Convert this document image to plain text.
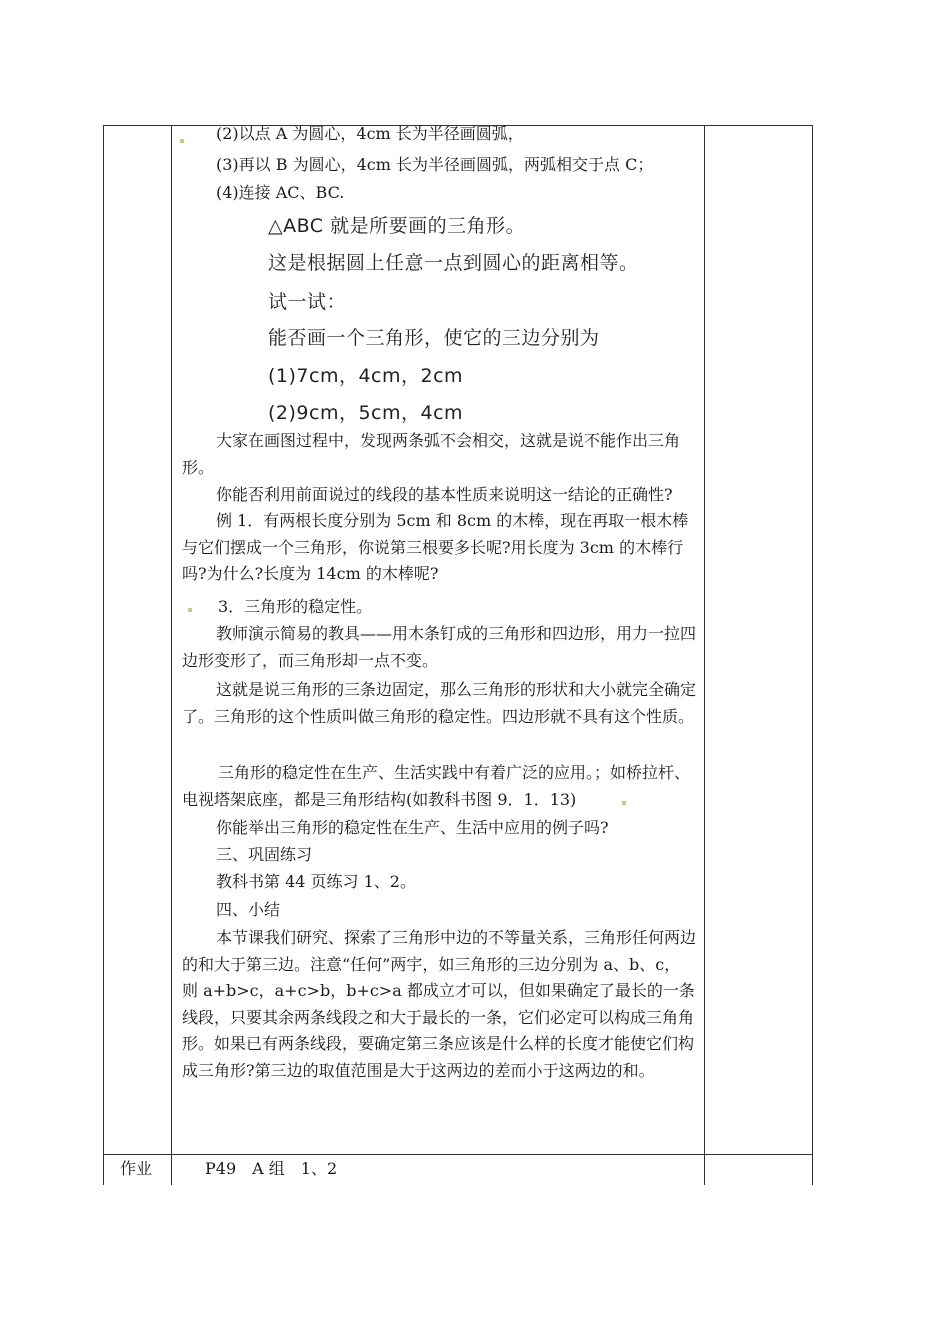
(2)以点 A 为圆心，4cm 长为半径画圆弧，
(3)再以 B 为圆心，4cm 长为半径画圆弧，两弧相交于点 C；
(4)连接 AC、BC.
△ABC 就是所要画的三角形。
这是根据圆上任意一点到圆心的距离相等。
试一试：
能否画一个三角形，使它的三边分别为
(1)7cm，4cm，2cm
(2)9cm，5cm，4cm
大家在画图过程中，发现两条弧不会相交，这就是说不能作出三角形。
你能否利用前面说过的线段的基本性质来说明这一结论的正确性?
例 1．有两根长度分别为 5cm 和 8cm 的木棒，现在再取一根木棒与它们摆成一个三角形，你说第三根要多长呢?用长度为 3cm 的木棒行吗?为什么?长度为 14cm 的木棒呢?
3．三角形的稳定性。
教师演示简易的教具——用木条钉成的三角形和四边形，用力一拉四边形变形了，而三角形却一点不变。
这就是说三角形的三条边固定，那么三角形的形状和大小就完全确定了。三角形的这个性质叫做三角形的稳定性。四边形就不具有这个性质。
三角形的稳定性在生产、生活实践中有着广泛的应用。；如桥拉杆、电视塔架底座，都是三角形结构(如教科书图 9．1．13)
你能举出三角形的稳定性在生产、生活中应用的例子吗?
三、巩固练习
教科书第 44 页练习 1、2。
四、小结
本节课我们研究、探索了三角形中边的不等量关系，三角形任何两边的和大于第三边。注意“任何”两宇，如三角形的三边分别为 a、b、c，则 a+b>c，a+c>b，b+c>a 都成立才可以，但如果确定了最长的一条线段，只要其余两条线段之和大于最长的一条，它们必定可以构成三角角形。如果已有两条线段，要确定第三条应该是什么样的长度才能使它们构成三角形?第三边的取值范围是大于这两边的差而小于这两边的和。
作业	P49　A 组　1、2
